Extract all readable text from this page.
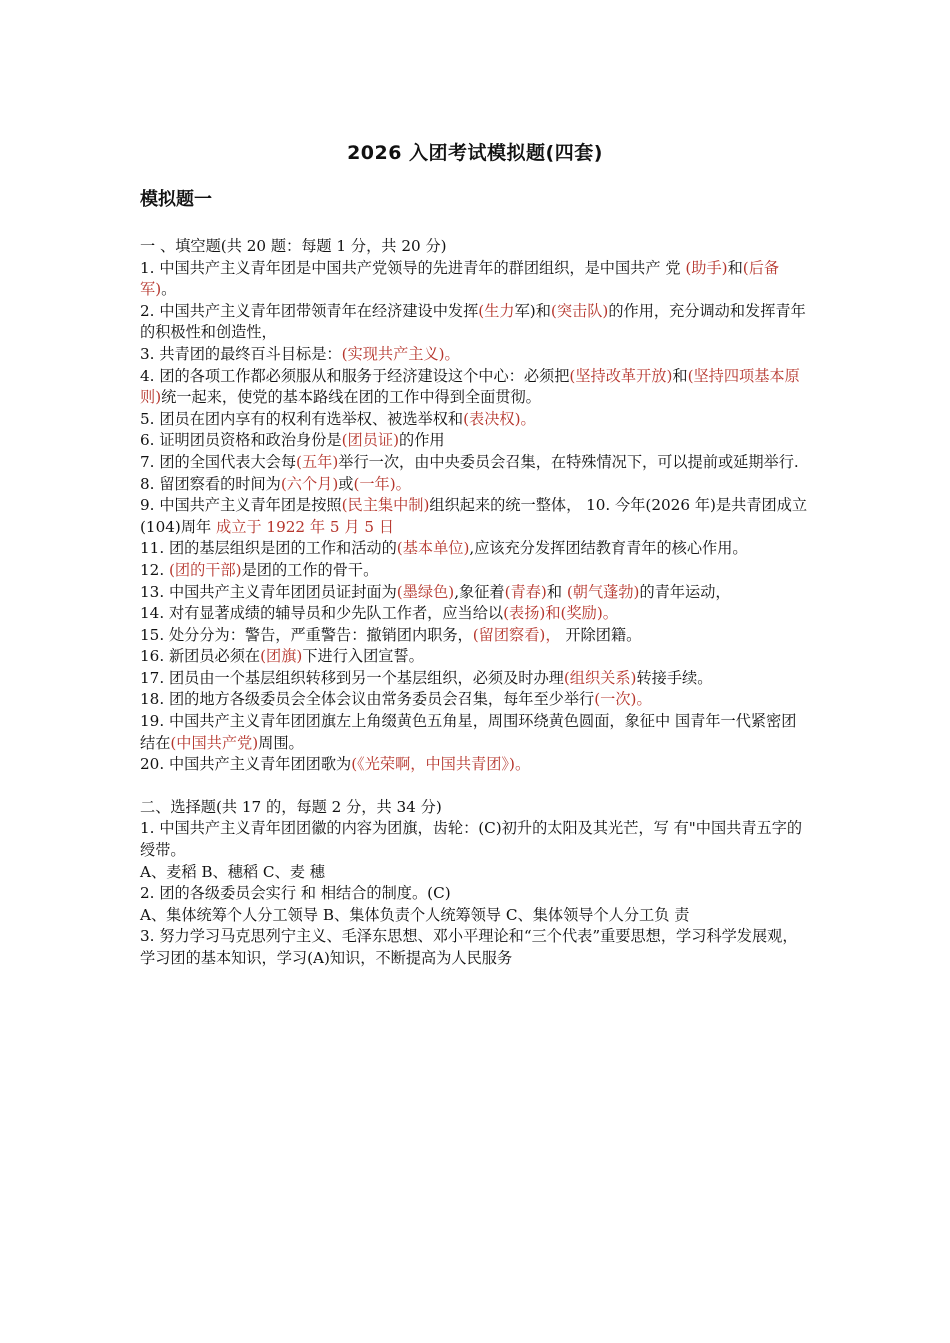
2026 入团考试模拟题(四套)
模拟题一

一 、填空题(共 20 题：每题 1 分，共 20 分)

1. 中国共产主义青年团是中国共产党领导的先进青年的群团组织，是中国共产 党 (助手)和(后备军)。

2. 中国共产主义青年团带领青年在经济建设中发挥(生力军)和(突击队)的作用，充分调动和发挥青年的积极性和创造性，

3. 共青团的最终百斗目标是：(实现共产主义)。

4. 团的各项工作都必须服从和服务于经济建设这个中心：必须把(坚持改革开放)和(坚持四项基本原则)统一起来，使党的基本路线在团的工作中得到全面贯彻。

5. 团员在团内享有的权利有选举权、被选举权和(表决权)。

6. 证明团员资格和政治身份是(团员证)的作用

7. 团的全国代表大会每(五年)举行一次，由中央委员会召集，在特殊情况下，可以提前或延期举行.

8. 留团察看的时间为(六个月)或(一年)。

9. 中国共产主义青年团是按照(民主集中制)组织起来的统一整体， 10. 今年(2026 年)是共青团成立(104)周年 成立于 1922 年 5 月 5 日

11. 团的基层组织是团的工作和活动的(基本单位),应该充分发挥团结教育青年的核心作用。

12. (团的干部)是团的工作的骨干。

13. 中国共产主义青年团团员证封面为(墨绿色),象征着(青春)和 (朝气蓬勃)的青年运动，

14. 对有显著成绩的辅导员和少先队工作者，应当给以(表扬)和(奖励)。

15. 处分分为：警告，严重警告：撤销团内职务，(留团察看)， 开除团籍。

16. 新团员必须在(团旗)下进行入团宣誓。

17. 团员由一个基层组织转移到另一个基层组织，必须及时办理(组织关系)转接手续。

18. 团的地方各级委员会全体会议由常务委员会召集，每年至少举行(一次)。

19. 中国共产主义青年团团旗左上角缀黄色五角星，周围环绕黄色圆面，象征中 国青年一代紧密团结在(中国共产党)周围。

20. 中国共产主义青年团团歌为(《光荣啊，中国共青团》)。

二、选择题(共 17 的，每题 2 分，共 34 分)

1. 中国共产主义青年团团徽的内容为团旗，齿轮：(C)初升的太阳及其光芒，写 有"中国共青五字的绶带。

A、麦稻 B、穗稻 C、麦 穗

2. 团的各级委员会实行 和 相结合的制度。(C)

A、集体统筹个人分工领导 B、集体负责个人统筹领导 C、集体领导个人分工负 责

3. 努力学习马克思列宁主义、毛泽东思想、邓小平理论和“三个代表”重要思想，学习科学发展观，学习团的基本知识，学习(A)知识，不断提高为人民服务
